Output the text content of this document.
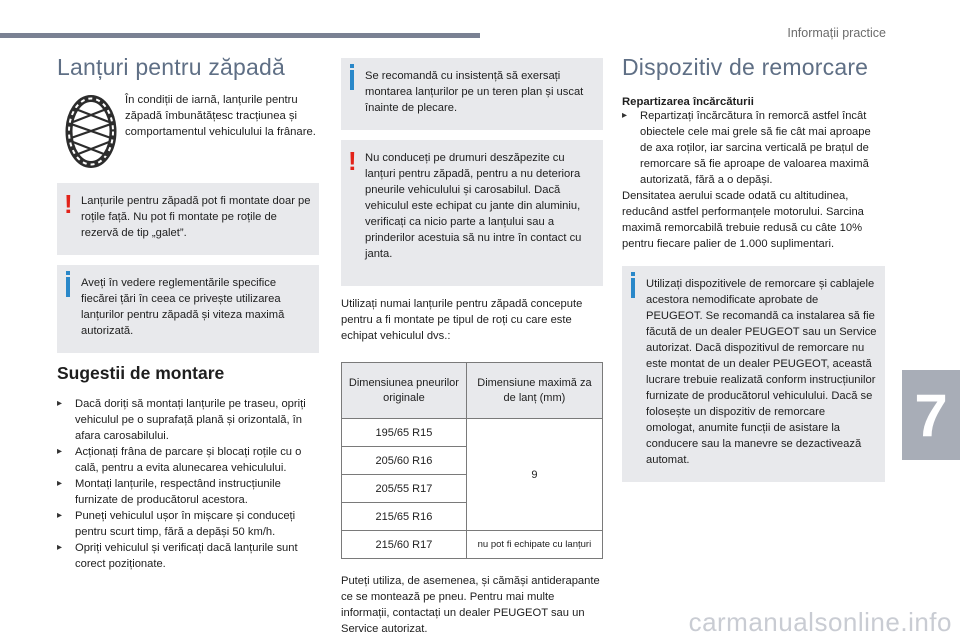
Informații practice
7
Lanțuri pentru zăpadă
În condiții de iarnă, lanțurile pentru zăpadă îmbunătățesc tracțiunea și comportamentul vehiculului la frânare.
! Lanțurile pentru zăpadă pot fi montate doar pe roțile față. Nu pot fi montate pe roțile de rezervă de tip „galet”.
Aveți în vedere reglementările specifice fiecărei țări în ceea ce privește utilizarea lanțurilor pentru zăpadă și viteza maximă autorizată.
Sugestii de montare
▸ Dacă doriți să montați lanțurile pe traseu, opriți vehiculul pe o suprafață plană și orizontală, în afara carosabilului.
▸ Acționați frâna de parcare și blocați roțile cu o cală, pentru a evita alunecarea vehiculului.
▸ Montați lanțurile, respectând instrucțiunile furnizate de producătorul acestora.
▸ Puneți vehiculul ușor în mișcare și conduceți pentru scurt timp, fără a depăși 50 km/h.
▸ Opriți vehiculul și verificați dacă lanțurile sunt corect poziționate.
Se recomandă cu insistență să exersați montarea lanțurilor pe un teren plan și uscat înainte de plecare.
! Nu conduceți pe drumuri deszăpezite cu lanțuri pentru zăpadă, pentru a nu deteriora pneurile vehiculului și carosabilul. Dacă vehiculul este echipat cu jante din aluminiu, verificați ca nicio parte a lanțului sau a prinderilor acestuia să nu intre în contact cu janta.

Utilizați numai lanțurile pentru zăpadă concepute pentru a fi montate pe tipul de roți cu care este echipat vehiculul dvs.:

Dimensiunea pneurilor originale	Dimensiune maximă za de lanț (mm)
195/65 R15	9
205/60 R16	
205/55 R17	
215/65 R16	
215/60 R17	nu pot fi echipate cu lanțuri

Puteți utiliza, de asemenea, și cămăși antiderapante ce se montează pe pneu. Pentru mai multe informații, contactați un dealer PEUGEOT sau un Service autorizat.

Dispozitiv de remorcare
Repartizarea încărcăturii
▸ Repartizați încărcătura în remorcă astfel încât obiectele cele mai grele să fie cât mai aproape de axa roților, iar sarcina verticală pe brațul de remorcare să fie aproape de valoarea maximă autorizată, fără a o depăși.

Densitatea aerului scade odată cu altitudinea, reducând astfel performanțele motorului. Sarcina maximă remorcabilă trebuie redusă cu câte 10% pentru fiecare palier de 1.000 suplimentari.

Utilizați dispozitivele de remorcare și cablajele acestora nemodificate aprobate de PEUGEOT. Se recomandă ca instalarea să fie făcută de un dealer PEUGEOT sau un Service autorizat. Dacă dispozitivul de remorcare nu este montat de un dealer PEUGEOT, această lucrare trebuie realizată conform instrucțiunilor furnizate de producătorul vehiculului. Dacă se folosește un dispozitiv de remorcare omologat, anumite funcții de asistare la conducere sau la manevre se dezactivează automat.
carmanualsonline.info
